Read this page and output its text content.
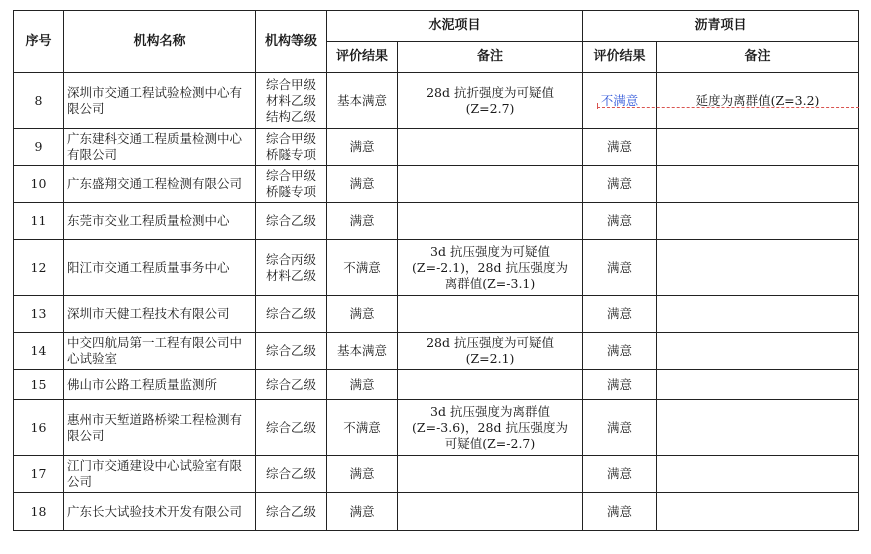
序号	机构名称	机构等级	水泥项目		沥青项目	
			评价结果	备注	评价结果	备注
8	深圳市交通工程试验检测中心有限公司	综合甲级
材料乙级
结构乙级	基本满意	28d 抗折强度为可疑值
(Z=2.7)	不满意	延度为离群值(Z=3.2)
9	广东建科交通工程质量检测中心有限公司	综合甲级
桥隧专项	满意		满意	
10	广东盛翔交通工程检测有限公司	综合甲级
桥隧专项	满意		满意	
11	东莞市交业工程质量检测中心	综合乙级	满意		满意	
12	阳江市交通工程质量事务中心	综合丙级
材料乙级	不满意	3d 抗压强度为可疑值
(Z=-2.1)，28d 抗压强度为
离群值(Z=-3.1)	满意	
13	深圳市天健工程技术有限公司	综合乙级	满意		满意	
14	中交四航局第一工程有限公司中心试验室	综合乙级	基本满意	28d 抗压强度为可疑值
(Z=2.1)	满意	
15	佛山市公路工程质量监测所	综合乙级	满意		满意	
16	惠州市天堑道路桥梁工程检测有限公司	综合乙级	不满意	3d 抗压强度为离群值
(Z=-3.6)，28d 抗压强度为
可疑值(Z=-2.7)	满意	
17	江门市交通建设中心试验室有限公司	综合乙级	满意		满意	
18	广东长大试验技术开发有限公司	综合乙级	满意		满意	
